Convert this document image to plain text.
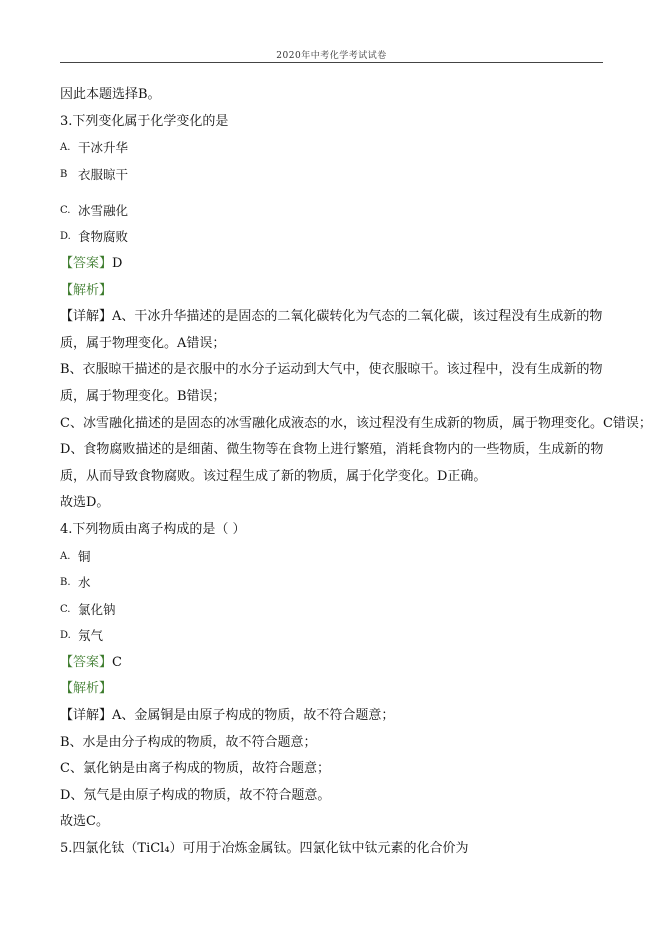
2020年中考化学考试试卷
因此本题选择B。
3.下列变化属于化学变化的是
A. 干冰升华
B 衣服晾干
C. 冰雪融化
D. 食物腐败
【答案】D
【解析】
【详解】A、干冰升华描述的是固态的二氧化碳转化为气态的二氧化碳，该过程没有生成新的物质，属于物理变化。A错误；
B、衣服晾干描述的是衣服中的水分子运动到大气中，使衣服晾干。该过程中，没有生成新的物质，属于物理变化。B错误；
C、冰雪融化描述的是固态的冰雪融化成液态的水，该过程没有生成新的物质，属于物理变化。C错误；
D、食物腐败描述的是细菌、微生物等在食物上进行繁殖，消耗食物内的一些物质，生成新的物质，从而导致食物腐败。该过程生成了新的物质，属于化学变化。D正确。
故选D。
4.下列物质由离子构成的是（ ）
A. 铜
B. 水
C. 氯化钠
D. 氖气
【答案】C
【解析】
【详解】A、金属铜是由原子构成的物质，故不符合题意；
B、水是由分子构成的物质，故不符合题意；
C、氯化钠是由离子构成的物质，故符合题意；
D、氖气是由原子构成的物质，故不符合题意。
故选C。
5.四氯化钛（TiCl₄）可用于冶炼金属钛。四氯化钛中钛元素的化合价为
